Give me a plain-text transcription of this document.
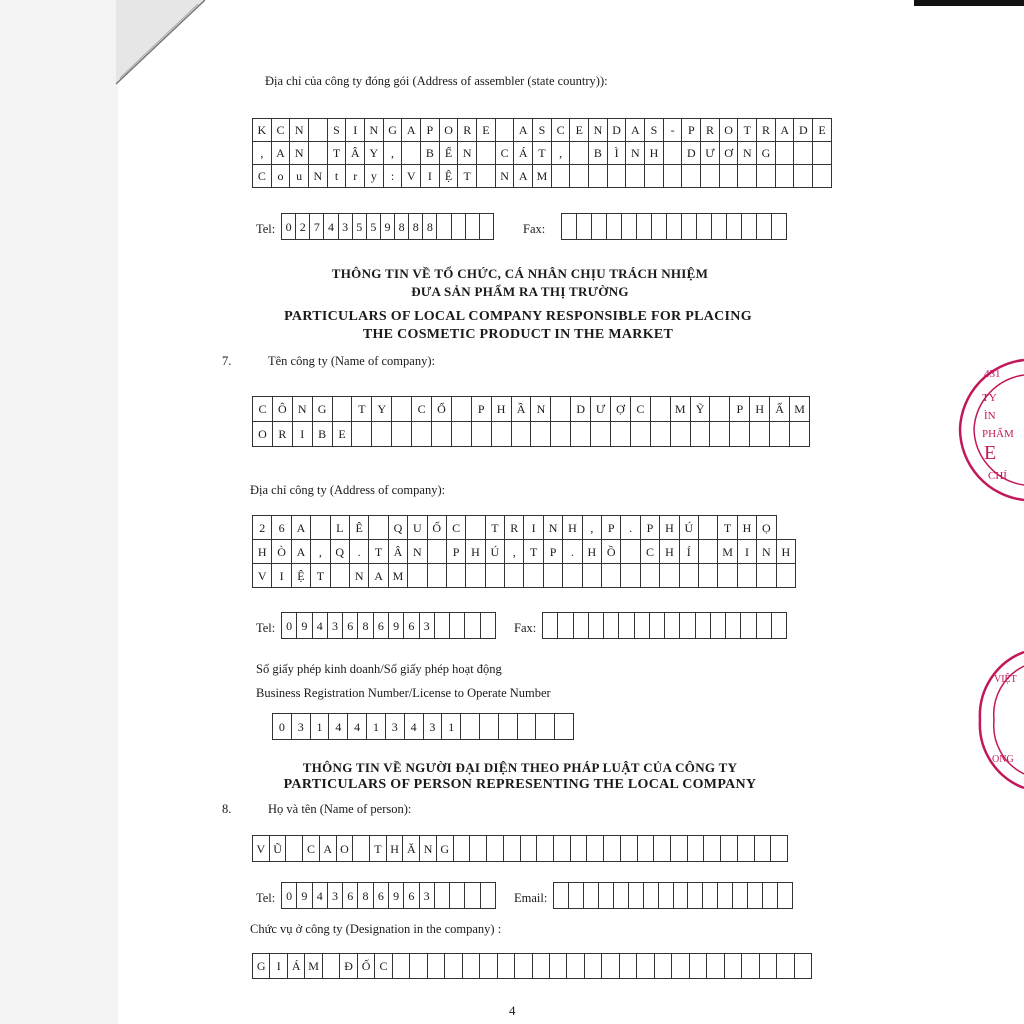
Địa chỉ của công ty đóng gói (Address of assembler (state country)):
K	C	N		S	I	N	G	A	P	O	R	E		A	S	C	E	N	D	A	S	-	P	R	O	T	R	A	D	E
,	A	N		T	Â	Y	,		B	Ế	N		C	Á	T	,		B	Ì	N	H		D	Ư	Ơ	N	G			
C	o	u	N	t	r	y	:	V	I	Ệ	T		N	A	M															
Tel: 0	2	7	4	3	5	5	9	8	8	8					Fax:

THÔNG TIN VỀ TỔ CHỨC, CÁ NHÂN CHỊU TRÁCH NHIỆM
ĐƯA SẢN PHẨM RA THỊ TRƯỜNG
PARTICULARS OF LOCAL COMPANY RESPONSIBLE FOR PLACING
THE COSMETIC PRODUCT IN THE MARKET
7.	Tên công ty (Name of company):
C	Ô	N	G		T	Y		C	Ổ		P	H	Ầ	N		D	Ư	Ợ	C		M	Ỹ		P	H	Ẩ	M
O	R	I	B	E																							
Địa chỉ công ty (Address of company):
2	6	A		L	Ê		Q	U	Ố	C		T	R	I	N	H	,	P	.	P	H	Ú		T	H	Ọ	
H	Ò	A	,	Q	.	T	Â	N		P	H	Ú	,	T	P	.	H	Ồ		C	H	Í		M	I	N	H
V	I	Ệ	T		N	A	M																				
Tel: 0	9	4	3	6	8	6	9	6	3					Fax:

Số giấy phép kinh doanh/Số giấy phép hoạt động
Business Registration Number/License to Operate Number
0	3	1	4	4	1	3	4	3	1						
THÔNG TIN VỀ NGƯỜI ĐẠI DIỆN THEO PHÁP LUẬT CỦA CÔNG TY
PARTICULARS OF PERSON REPRESENTING THE LOCAL COMPANY
8.	Họ và tên (Name of person):
V	Ũ		C	A	O		T	H	Ă	N	G																				
Tel: 0	9	4	3	6	8	6	9	6	3					Email:

Chức vụ ở công ty (Designation in the company) :
G	I	Á	M		Đ	Ố	C																								
431
TY
ÌN
PHẨM
E
CHÍ
VIỆT
ONG
4
